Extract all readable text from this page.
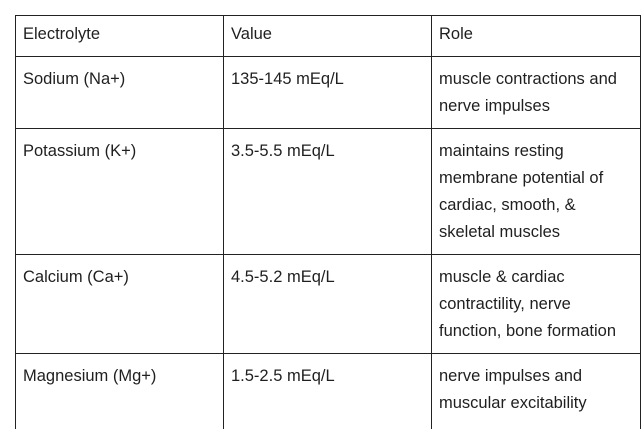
Electrolyte	Value	Role
Sodium (Na+)	135-145 mEq/L	muscle contractions and nerve impulses
Potassium (K+)	3.5-5.5 mEq/L	maintains resting membrane potential of cardiac, smooth, & skeletal muscles
Calcium (Ca+)	4.5-5.2 mEq/L	muscle & cardiac contractility, nerve function, bone formation
Magnesium (Mg+)	1.5-2.5 mEq/L	nerve impulses and muscular excitability
